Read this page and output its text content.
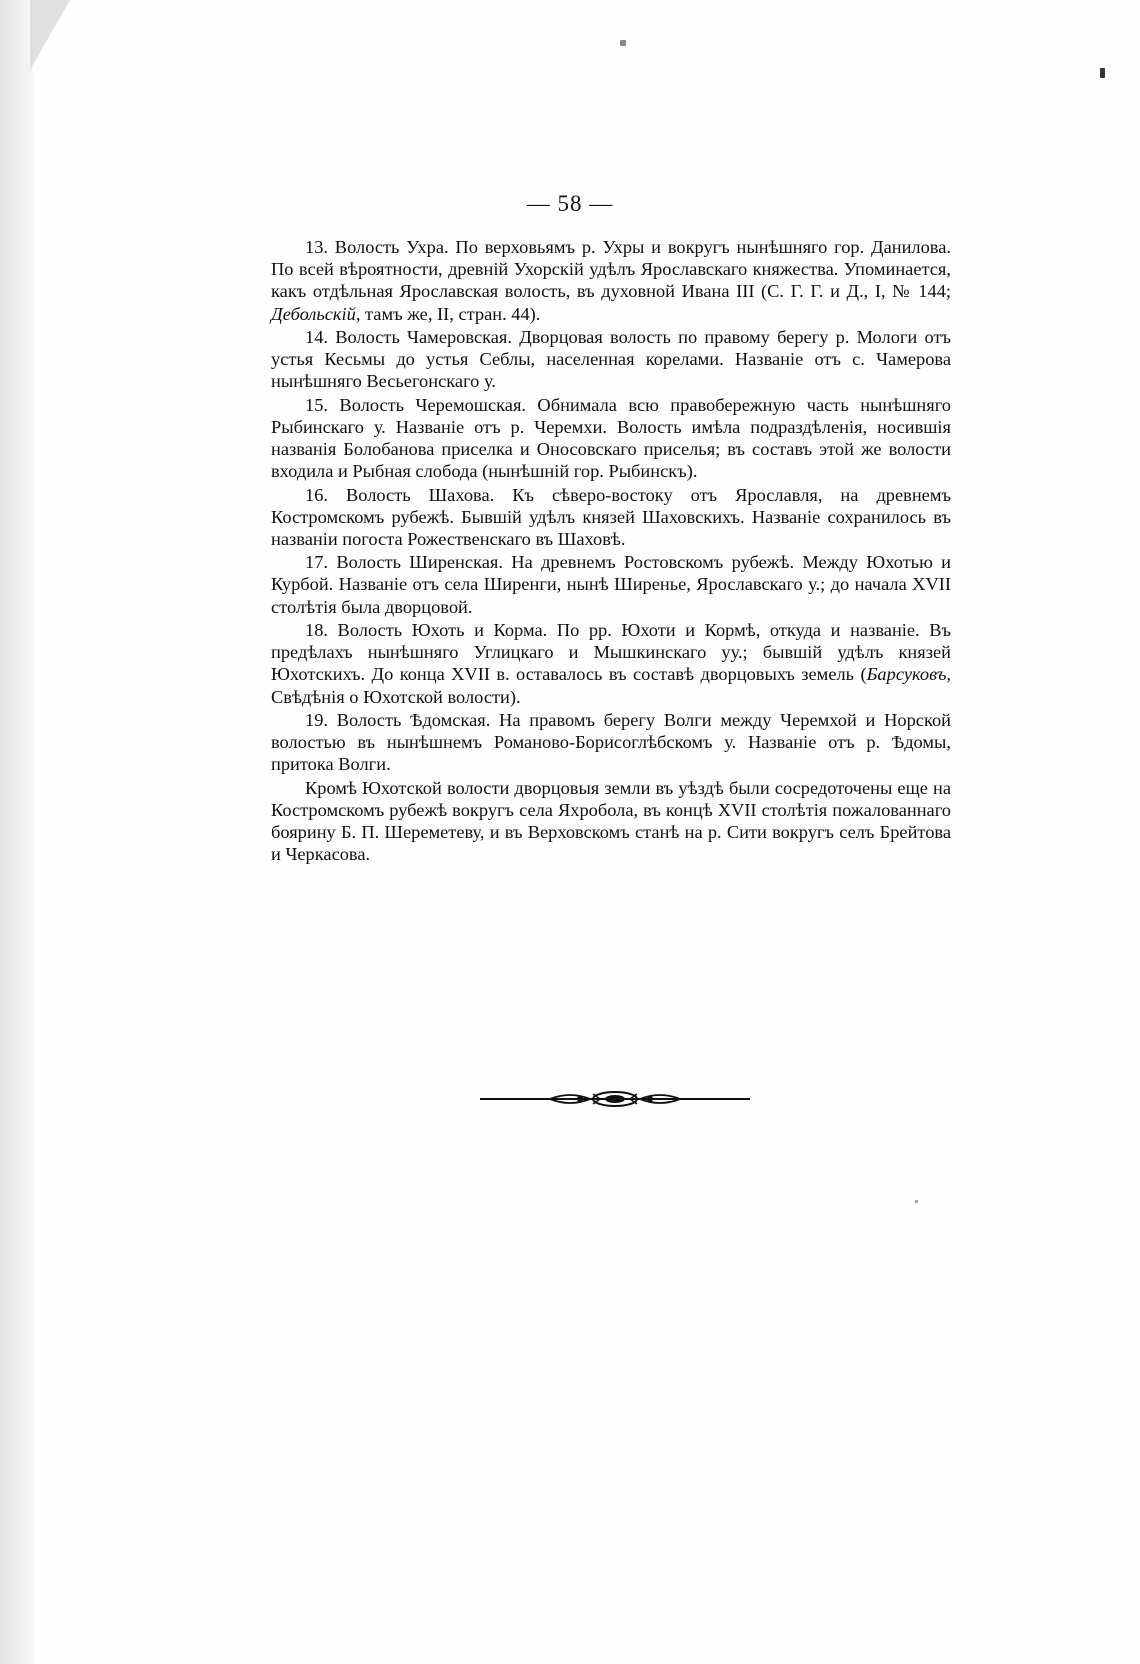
— 58 —

13. Волость Ухра. По верховьямъ р. Ухры и вокругъ нынѣшняго гор. Данилова. По всей вѣроятности, древній Ухорскій удѣлъ Ярославскаго княжества. Упоминается, какъ отдѣльная Ярославская волость, въ духовной Ивана III (С. Г. Г. и Д., I, № 144; Дебольскій, тамъ же, II, стран. 44).

14. Волость Чамеровская. Дворцовая волость по правому берегу р. Мологи отъ устья Кесьмы до устья Себлы, населенная корелами. Названіе отъ с. Чамерова нынѣшняго Весьегонскаго у.

15. Волость Черемошская. Обнимала всю правобережную часть нынѣшняго Рыбинскаго у. Названіе отъ р. Черемхи. Волость имѣла подраздѣленія, носившія названія Болобанова приселка и Оносовскаго приселья; въ составъ этой же волости входила и Рыбная слобода (нынѣшній гор. Рыбинскъ).

16. Волость Шахова. Къ сѣверо-востоку отъ Ярославля, на древнемъ Костромскомъ рубежѣ. Бывшій удѣлъ князей Шаховскихъ. Названіе сохранилось въ названіи погоста Рожественскаго въ Шаховѣ.

17. Волость Ширенская. На древнемъ Ростовскомъ рубежѣ. Между Юхотью и Курбой. Названіе отъ села Ширенги, нынѣ Ширенье, Ярославскаго у.; до начала XVII столѣтія была дворцовой.

18. Волость Юхоть и Корма. По рр. Юхоти и Кормѣ, откуда и названіе. Въ предѣлахъ нынѣшняго Углицкаго и Мышкинскаго уу.; бывшій удѣлъ князей Юхотскихъ. До конца XVII в. оставалось въ составѣ дворцовыхъ земель (Барсуковъ, Свѣдѣнія о Юхотской волости).

19. Волость Ѣдомская. На правомъ берегу Волги между Черемхой и Норской волостью въ нынѣшнемъ Романово-Борисоглѣбскомъ у. Названіе отъ р. Ѣдомы, притока Волги.

Кромѣ Юхотской волости дворцовыя земли въ уѣздѣ были сосредоточены еще на Костромскомъ рубежѣ вокругъ села Яхробола, въ концѣ XVII столѣтія пожалованнаго боярину Б. П. Шереметеву, и въ Верховскомъ станѣ на р. Сити вокругъ селъ Брейтова и Черкасова.
